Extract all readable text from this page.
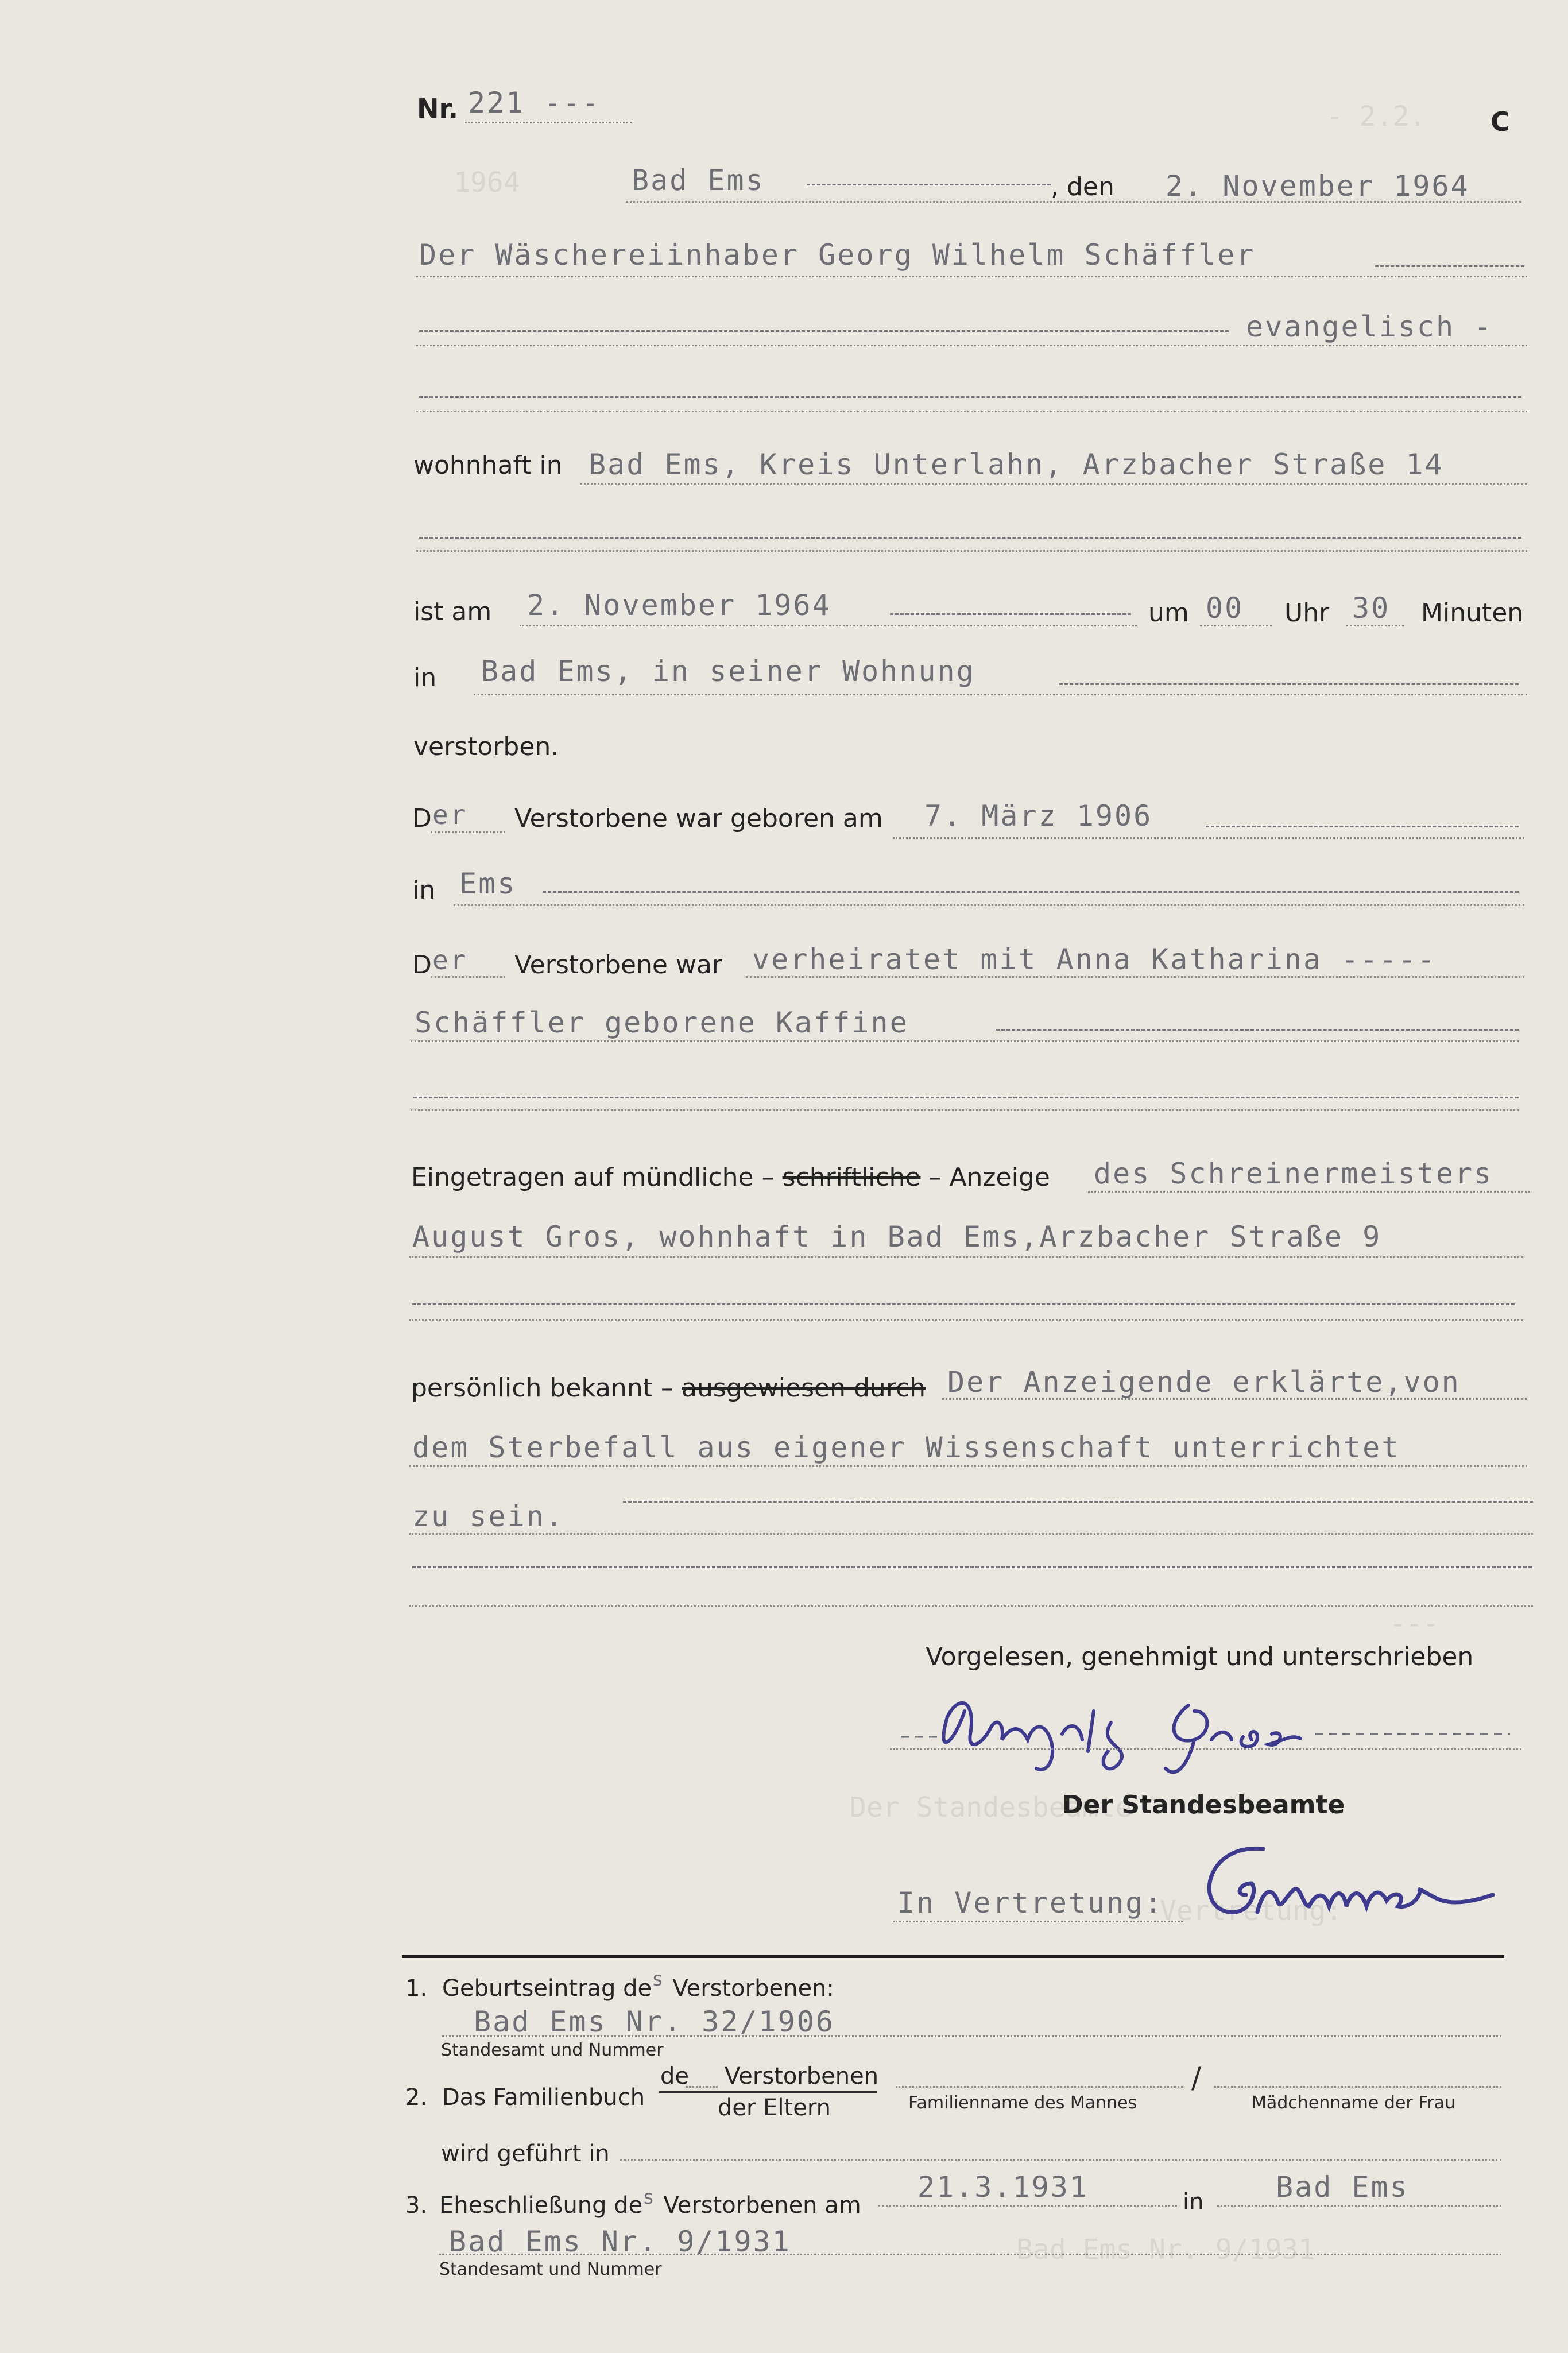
- 2.2.
1964
---
Der Standesbeamte
Vertretung:
Bad Ems Nr. 9/1931
Nr. 221 ---
C
Bad Ems	, den 2. November 1964
Der Wäschereiinhaber Georg Wilhelm Schäffler
evangelisch -
wohnhaft in Bad Ems, Kreis Unterlahn, Arzbacher Straße 14
ist am 2. November 1964	um 00 Uhr 30 Minuten
in Bad Ems, in seiner Wohnung
verstorben.
D er Verstorbene war geboren am 7. März 1906
in Ems
D er Verstorbene war verheiratet mit Anna Katharina -----
Schäffler geborene Kaffine
Eingetragen auf mündliche – schriftliche – Anzeige des Schreinermeisters
August Gros, wohnhaft in Bad Ems,Arzbacher Straße 9
persönlich bekannt – ausgewiesen durch Der Anzeigende erklärte,von
dem Sterbefall aus eigener Wissenschaft unterrichtet
zu sein.
Vorgelesen, genehmigt und unterschrieben
Der Standesbeamte
In Vertretung:
1. Geburtseintrag $de^s$ Verstorbenen:
Bad Ems Nr. 32/1906
Standesamt und Nummer
2. Das Familienbuch
de Verstorbenen
der Eltern
/
Familienname des Mannes	Mädchenname der Frau
wird geführt in
3. Eheschließung $de^s$ Verstorbenen am
21.3.1931	in	Bad Ems
Bad Ems Nr. 9/1931
Standesamt und Nummer
